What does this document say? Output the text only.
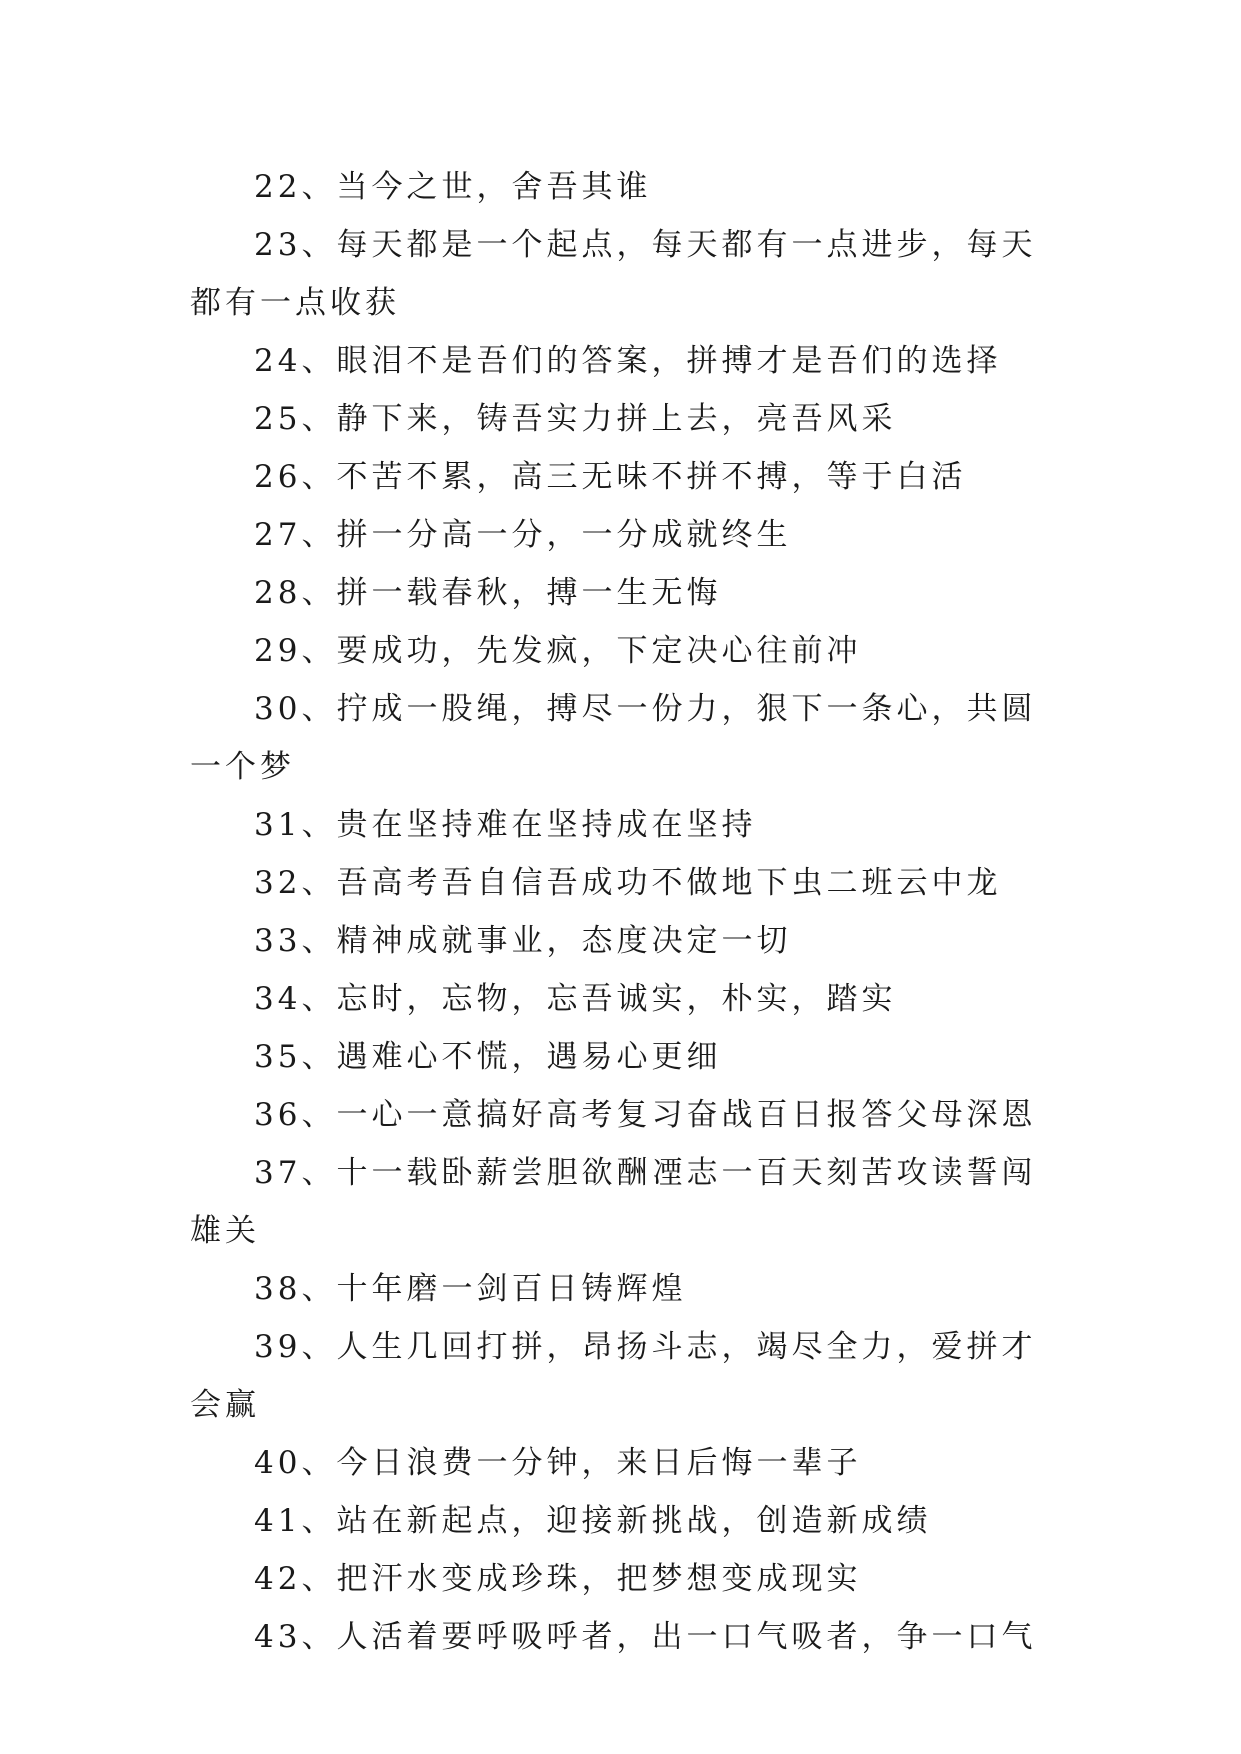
22、当今之世，舍吾其谁

23、每天都是一个起点，每天都有一点进步，每天都有一点收获

24、眼泪不是吾们的答案，拼搏才是吾们的选择

25、静下来，铸吾实力拼上去，亮吾风采

26、不苦不累，高三无味不拼不搏，等于白活

27、拼一分高一分，一分成就终生

28、拼一载春秋，搏一生无悔

29、要成功，先发疯，下定决心往前冲

30、拧成一股绳，搏尽一份力，狠下一条心，共圆一个梦

31、贵在坚持难在坚持成在坚持

32、吾高考吾自信吾成功不做地下虫二班云中龙

33、精神成就事业，态度决定一切

34、忘时，忘物，忘吾诚实，朴实，踏实

35、遇难心不慌，遇易心更细

36、一心一意搞好高考复习奋战百日报答父母深恩

37、十一载卧薪尝胆欲酬凐志一百天刻苦攻读誓闯雄关

38、十年磨一剑百日铸辉煌

39、人生几回打拼，昂扬斗志，竭尽全力，爱拼才会赢

40、今日浪费一分钟，来日后悔一辈子

41、站在新起点，迎接新挑战，创造新成绩

42、把汗水变成珍珠，把梦想变成现实

43、人活着要呼吸呼者，出一口气吸者，争一口气
